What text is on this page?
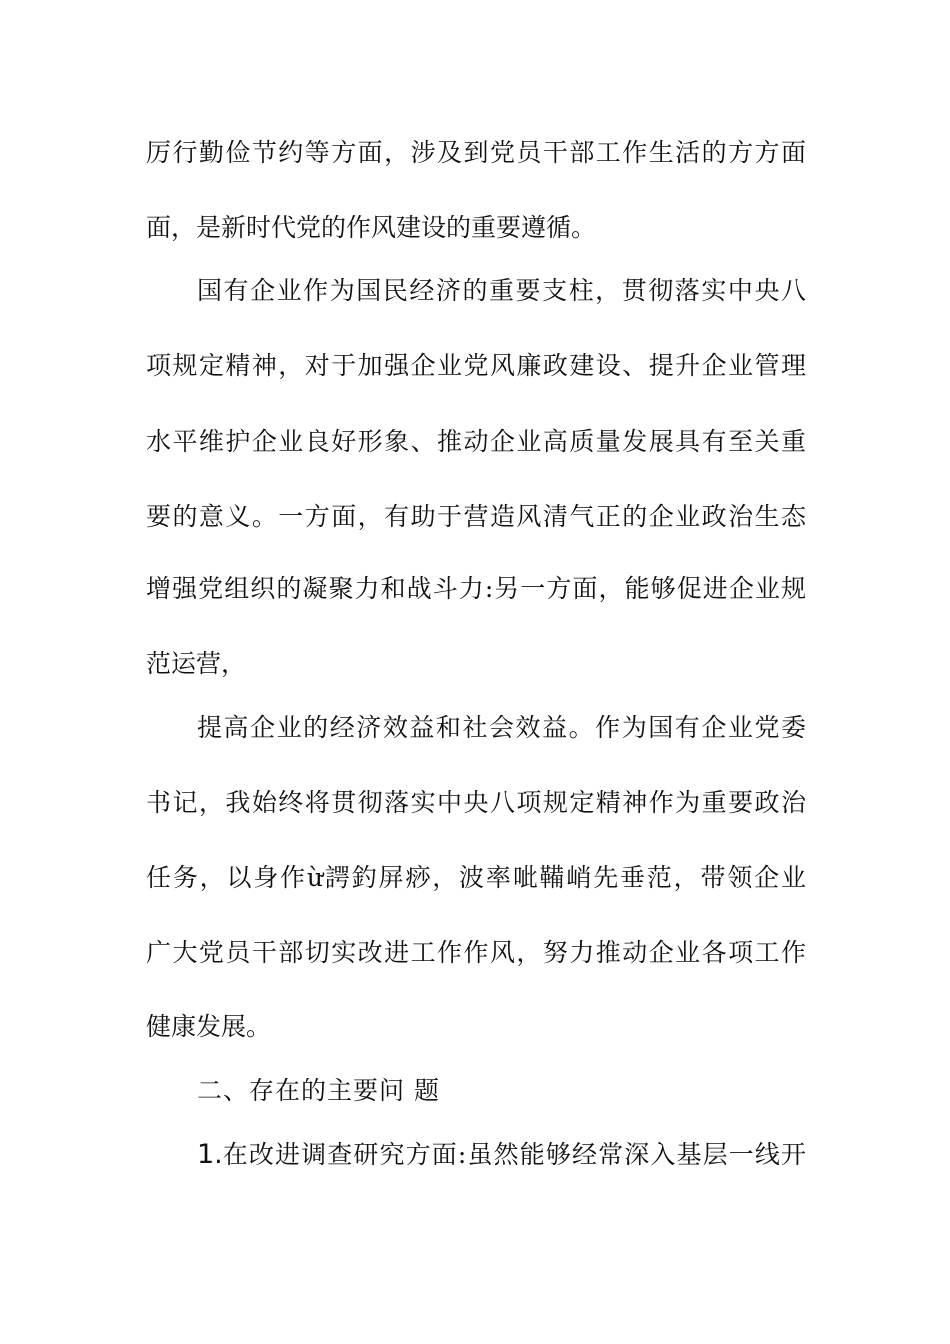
厉行勤俭节约等方面，涉及到党员干部工作生活的方方面
面，是新时代党的作风建设的重要遵循。
国有企业作为国民经济的重要支柱，贯彻落实中央八
项规定精神，对于加强企业党风廉政建设、提升企业管理
水平维护企业良好形象、推动企业高质量发展具有至关重
要的意义。一方面，有助于营造风清气正的企业政治生态
增强党组织的凝聚力和战斗力:另一方面，能够促进企业规
范运营，
提高企业的经济效益和社会效益。作为国有企业党委
书记，我始终将贯彻落实中央八项规定精神作为重要政治
任务，以身作ừ諤釣屏痧，波率呲鞴峭先垂范，带领企业
广大党员干部切实改进工作作风，努力推动企业各项工作
健康发展。
二、存在的主要问 题
1. 在改进调查研究方面:虽然能够经常深入基层一线开
